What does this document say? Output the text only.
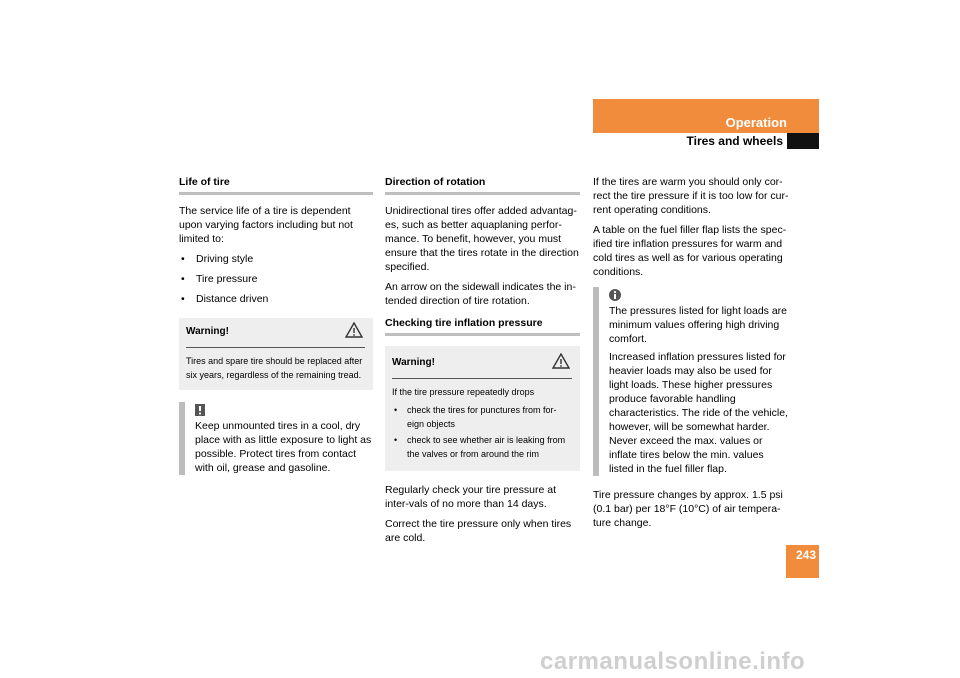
Operation
Tires and wheels
243
Life of tire

The service life of a tire is dependent upon varying factors including but not limited to:

• Driving style
• Tire pressure
• Distance driven
Warning!
Tires and spare tire should be replaced after six years, regardless of the remaining tread.

Keep unmounted tires in a cool, dry place with as little exposure to light as possible. Protect tires from contact with oil, grease and gasoline.

Direction of rotation

Unidirectional tires offer added advantag-es, such as better aquaplaning perfor-mance. To benefit, however, you must ensure that the tires rotate in the direction specified.

An arrow on the sidewall indicates the in-tended direction of tire rotation.

Checking tire inflation pressure
Warning!
If the tire pressure repeatedly drops
• check the tires for punctures from for-eign objects
• check to see whether air is leaking from the valves or from around the rim

Regularly check your tire pressure at inter-vals of no more than 14 days.

Correct the tire pressure only when tires are cold.

If the tires are warm you should only cor-rect the tire pressure if it is too low for cur-rent operating conditions.

A table on the fuel filler flap lists the spec-ified tire inflation pressures for warm and cold tires as well as for various operating conditions.

The pressures listed for light loads are minimum values offering high driving comfort.

Increased inflation pressures listed for heavier loads may also be used for light loads. These higher pressures produce favorable handling characteristics. The ride of the vehicle, however, will be somewhat harder. Never exceed the max. values or inflate tires below the min. values listed in the fuel filler flap.

Tire pressure changes by approx. 1.5 psi (0.1 bar) per 18°F (10°C) of air tempera-ture change.

carmanualsonline.info
